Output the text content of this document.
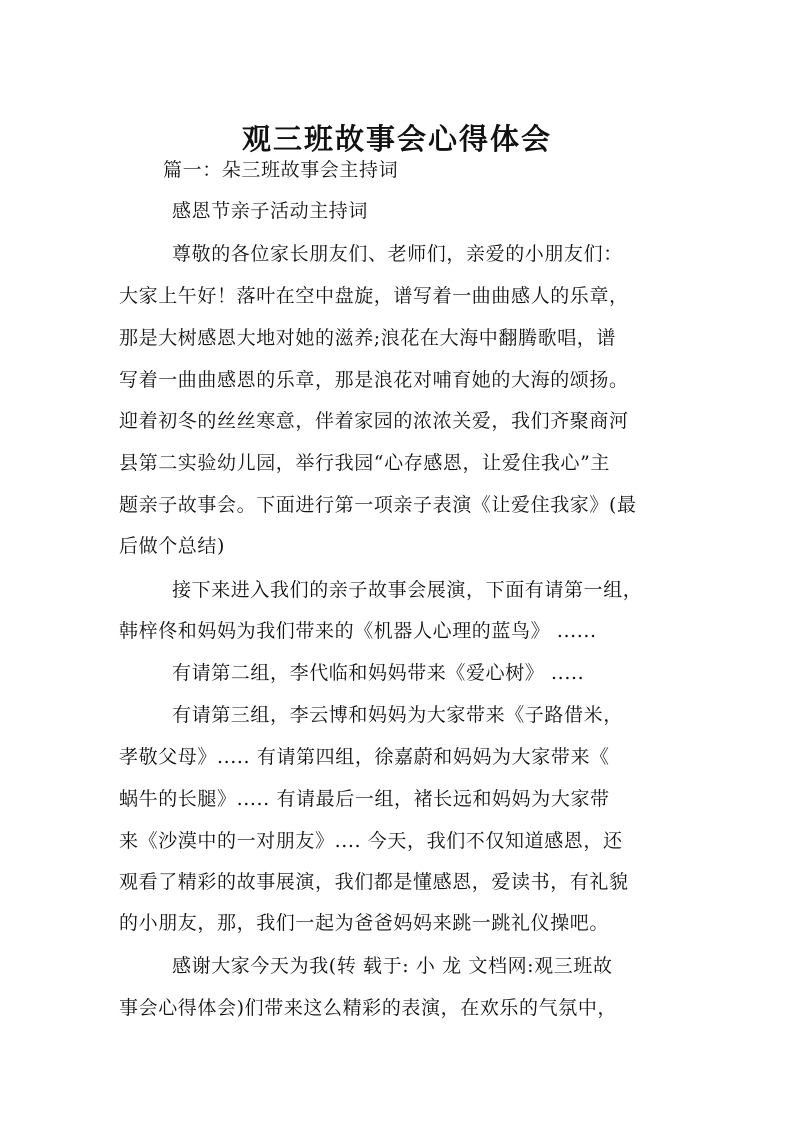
观三班故事会心得体会

篇一：朵三班故事会主持词

感恩节亲子活动主持词

尊敬的各位家长朋友们、老师们，亲爱的小朋友们：

大家上午好！落叶在空中盘旋，谱写着一曲曲感人的乐章，

那是大树感恩大地对她的滋养;浪花在大海中翻腾歌唱，谱

写着一曲曲感恩的乐章，那是浪花对哺育她的大海的颂扬。

迎着初冬的丝丝寒意，伴着家园的浓浓关爱，我们齐聚商河

县第二实验幼儿园，举行我园“心存感恩，让爱住我心”主

题亲子故事会。下面进行第一项亲子表演《让爱住我家》(最

后做个总结)

接下来进入我们的亲子故事会展演，下面有请第一组，

韩梓佟和妈妈为我们带来的《机器人心理的蓝鸟》 ......

有请第二组，李代临和妈妈带来《爱心树》 .....

有请第三组，李云博和妈妈为大家带来《子路借米，

孝敬父母》..... 有请第四组，徐嘉蔚和妈妈为大家带来《

蜗牛的长腿》..... 有请最后一组，褚长远和妈妈为大家带

来《沙漠中的一对朋友》.... 今天，我们不仅知道感恩，还

观看了精彩的故事展演，我们都是懂感恩，爱读书，有礼貌

的小朋友，那，我们一起为爸爸妈妈来跳一跳礼仪操吧。

感谢大家今天为我(转 载于: 小 龙 文档网:观三班故

事会心得体会)们带来这么精彩的表演，在欢乐的气氛中，
